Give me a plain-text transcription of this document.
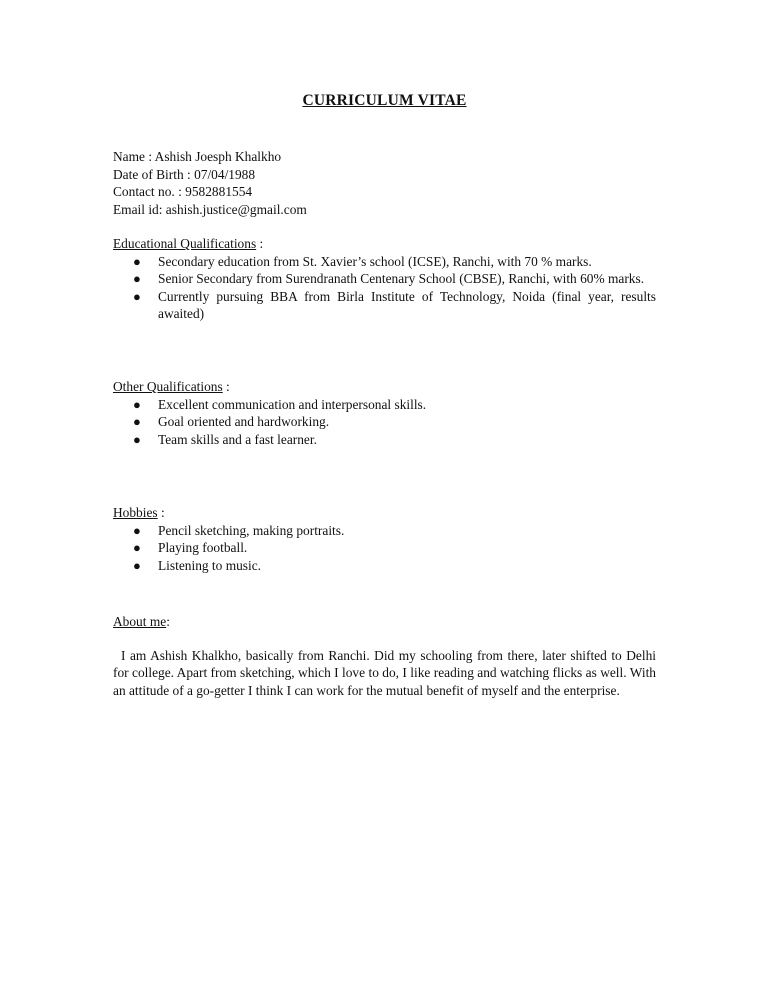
CURRICULUM VITAE
Name : Ashish Joesph Khalkho
Date of Birth : 07/04/1988
Contact no. : 9582881554
Email id: ashish.justice@gmail.com
Educational Qualifications :
● Secondary education from St. Xavier’s school (ICSE), Ranchi, with 70 % marks.
● Senior Secondary from Surendranath Centenary School (CBSE), Ranchi, with 60% marks.
● Currently pursuing BBA from Birla Institute of Technology, Noida (final year, results awaited)
Other Qualifications :
● Excellent communication and interpersonal skills.
● Goal oriented and hardworking.
● Team skills and a fast learner.
Hobbies :
● Pencil sketching, making portraits.
● Playing football.
● Listening to music.
About me:
I am Ashish Khalkho, basically from Ranchi. Did my schooling from there, later shifted to Delhi for college. Apart from sketching, which I love to do, I like reading and watching flicks as well. With an attitude of a go-getter I think I can work for the mutual benefit of myself and the enterprise.
